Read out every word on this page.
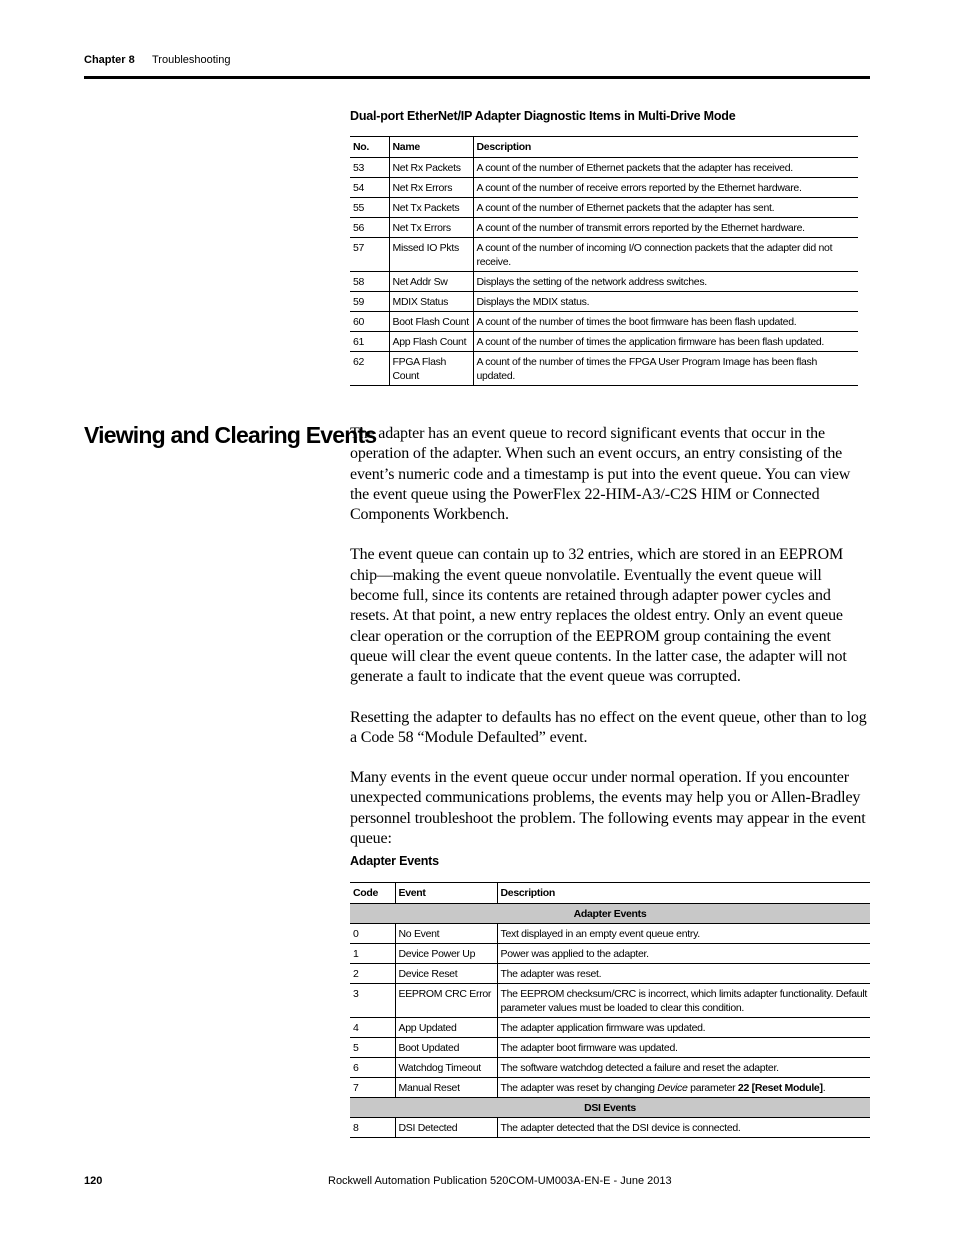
Chapter 8 Troubleshooting
Dual-port EtherNet/IP Adapter Diagnostic Items in Multi-Drive Mode
No.	Name	Description
53	Net Rx Packets	A count of the number of Ethernet packets that the adapter has received.
54	Net Rx Errors	A count of the number of receive errors reported by the Ethernet hardware.
55	Net Tx Packets	A count of the number of Ethernet packets that the adapter has sent.
56	Net Tx Errors	A count of the number of transmit errors reported by the Ethernet hardware.
57	Missed IO Pkts	A count of the number of incoming I/O connection packets that the adapter did not receive.
58	Net Addr Sw	Displays the setting of the network address switches.
59	MDIX Status	Displays the MDIX status.
60	Boot Flash Count	A count of the number of times the boot firmware has been flash updated.
61	App Flash Count	A count of the number of times the application firmware has been flash updated.
62	FPGA Flash Count	A count of the number of times the FPGA User Program Image has been flash updated.
Viewing and Clearing Events

The adapter has an event queue to record significant events that occur in the operation of the adapter. When such an event occurs, an entry consisting of the event’s numeric code and a timestamp is put into the event queue. You can view the event queue using the PowerFlex 22-HIM-A3/-C2S HIM or Connected Components Workbench.

The event queue can contain up to 32 entries, which are stored in an EEPROM chip—making the event queue nonvolatile. Eventually the event queue will become full, since its contents are retained through adapter power cycles and resets. At that point, a new entry replaces the oldest entry. Only an event queue clear operation or the corruption of the EEPROM group containing the event queue will clear the event queue contents. In the latter case, the adapter will not generate a fault to indicate that the event queue was corrupted.

Resetting the adapter to defaults has no effect on the event queue, other than to log a Code 58 “Module Defaulted” event.

Many events in the event queue occur under normal operation. If you encounter unexpected communications problems, the events may help you or Allen-Bradley personnel troubleshoot the problem. The following events may appear in the event queue:

Adapter Events
Code	Event	Description
Adapter Events		
0	No Event	Text displayed in an empty event queue entry.
1	Device Power Up	Power was applied to the adapter.
2	Device Reset	The adapter was reset.
3	EEPROM CRC Error	The EEPROM checksum/CRC is incorrect, which limits adapter functionality. Default parameter values must be loaded to clear this condition.
4	App Updated	The adapter application firmware was updated.
5	Boot Updated	The adapter boot firmware was updated.
6	Watchdog Timeout	The software watchdog detected a failure and reset the adapter.
7	Manual Reset	The adapter was reset by changing Device parameter 22 [Reset Module].
DSI Events		
8	DSI Detected	The adapter detected that the DSI device is connected.
120	Rockwell Automation Publication 520COM-UM003A-EN-E - June 2013
